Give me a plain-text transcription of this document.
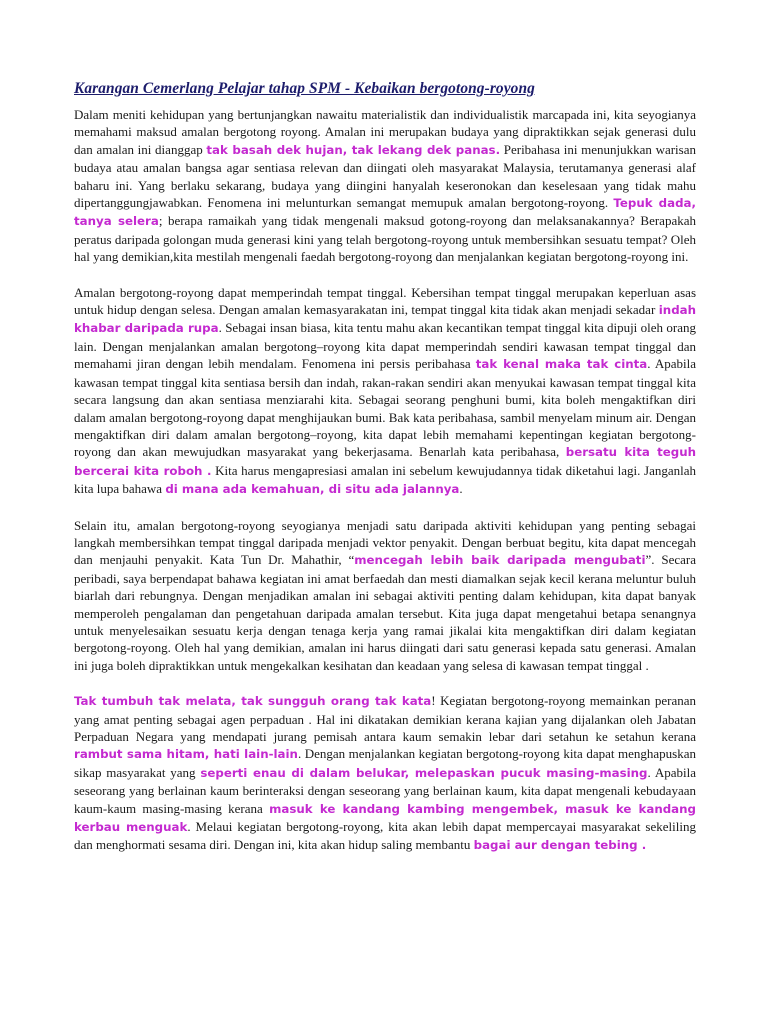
Karangan Cemerlang Pelajar tahap SPM - Kebaikan bergotong-royong

Dalam meniti kehidupan yang bertunjangkan nawaitu materialistik dan individualistik marcapada ini, kita seyogianya memahami maksud amalan bergotong royong. Amalan ini merupakan budaya yang dipraktikkan sejak generasi dulu dan amalan ini dianggap tak basah dek hujan, tak lekang dek panas. Peribahasa ini menunjukkan warisan budaya atau amalan bangsa agar sentiasa relevan dan diingati oleh masyarakat Malaysia, terutamanya generasi alaf baharu ini. Yang berlaku sekarang, budaya yang diingini hanyalah keseronokan dan keselesaan yang tidak mahu dipertanggungjawabkan. Fenomena ini melunturkan semangat memupuk amalan bergotong-royong. Tepuk dada, tanya selera; berapa ramaikah yang tidak mengenali maksud gotong-royong dan melaksanakannya? Berapakah peratus daripada golongan muda generasi kini yang telah bergotong-royong untuk membersihkan sesuatu tempat? Oleh hal yang demikian,kita mestilah mengenali faedah bergotong-royong dan menjalankan kegiatan bergotong-royong ini.

Amalan bergotong-royong dapat memperindah tempat tinggal. Kebersihan tempat tinggal merupakan keperluan asas untuk hidup dengan selesa. Dengan amalan kemasyarakatan ini, tempat tinggal kita tidak akan menjadi sekadar indah khabar daripada rupa. Sebagai insan biasa, kita tentu mahu akan kecantikan tempat tinggal kita dipuji oleh orang lain. Dengan menjalankan amalan bergotong–royong kita dapat memperindah sendiri kawasan tempat tinggal dan memahami jiran dengan lebih mendalam. Fenomena ini persis peribahasa tak kenal maka tak cinta. Apabila kawasan tempat tinggal kita sentiasa bersih dan indah, rakan-rakan sendiri akan menyukai kawasan tempat tinggal kita secara langsung dan akan sentiasa menziarahi kita. Sebagai seorang penghuni bumi, kita boleh mengaktifkan diri dalam amalan bergotong-royong dapat menghijaukan bumi. Bak kata peribahasa, sambil menyelam minum air. Dengan mengaktifkan diri dalam amalan bergotong–royong, kita dapat lebih memahami kepentingan kegiatan bergotong-royong dan akan mewujudkan masyarakat yang bekerjasama. Benarlah kata peribahasa, bersatu kita teguh bercerai kita roboh . Kita harus mengapresiasi amalan ini sebelum kewujudannya tidak diketahui lagi. Janganlah kita lupa bahawa di mana ada kemahuan, di situ ada jalannya.

Selain itu, amalan bergotong-royong seyogianya menjadi satu daripada aktiviti kehidupan yang penting sebagai langkah membersihkan tempat tinggal daripada menjadi vektor penyakit. Dengan berbuat begitu, kita dapat mencegah dan menjauhi penyakit. Kata Tun Dr. Mahathir, “mencegah lebih baik daripada mengubati”. Secara peribadi, saya berpendapat bahawa kegiatan ini amat berfaedah dan mesti diamalkan sejak kecil kerana meluntur buluh biarlah dari rebungnya. Dengan menjadikan amalan ini sebagai aktiviti penting dalam kehidupan, kita dapat banyak memperoleh pengalaman dan pengetahuan daripada amalan tersebut. Kita juga dapat mengetahui betapa senangnya untuk menyelesaikan sesuatu kerja dengan tenaga kerja yang ramai jikalai kita mengaktifkan diri dalam kegiatan bergotong-royong. Oleh hal yang demikian, amalan ini harus diingati dari satu generasi kepada satu generasi. Amalan ini juga boleh dipraktikkan untuk mengekalkan kesihatan dan keadaan yang selesa di kawasan tempat tinggal .

Tak tumbuh tak melata, tak sungguh orang tak kata! Kegiatan bergotong-royong memainkan peranan yang amat penting sebagai agen perpaduan . Hal ini dikatakan demikian kerana kajian yang dijalankan oleh Jabatan Perpaduan Negara yang mendapati jurang pemisah antara kaum semakin lebar dari setahun ke setahun kerana rambut sama hitam, hati lain-lain. Dengan menjalankan kegiatan bergotong-royong kita dapat menghapuskan sikap masyarakat yang seperti enau di dalam belukar, melepaskan pucuk masing-masing. Apabila seseorang yang berlainan kaum berinteraksi dengan seseorang yang berlainan kaum, kita dapat mengenali kebudayaan kaum-kaum masing-masing kerana masuk ke kandang kambing mengembek, masuk ke kandang kerbau menguak. Melaui kegiatan bergotong-royong, kita akan lebih dapat mempercayai masyarakat sekeliling dan menghormati sesama diri. Dengan ini, kita akan hidup saling membantu bagai aur dengan tebing .
